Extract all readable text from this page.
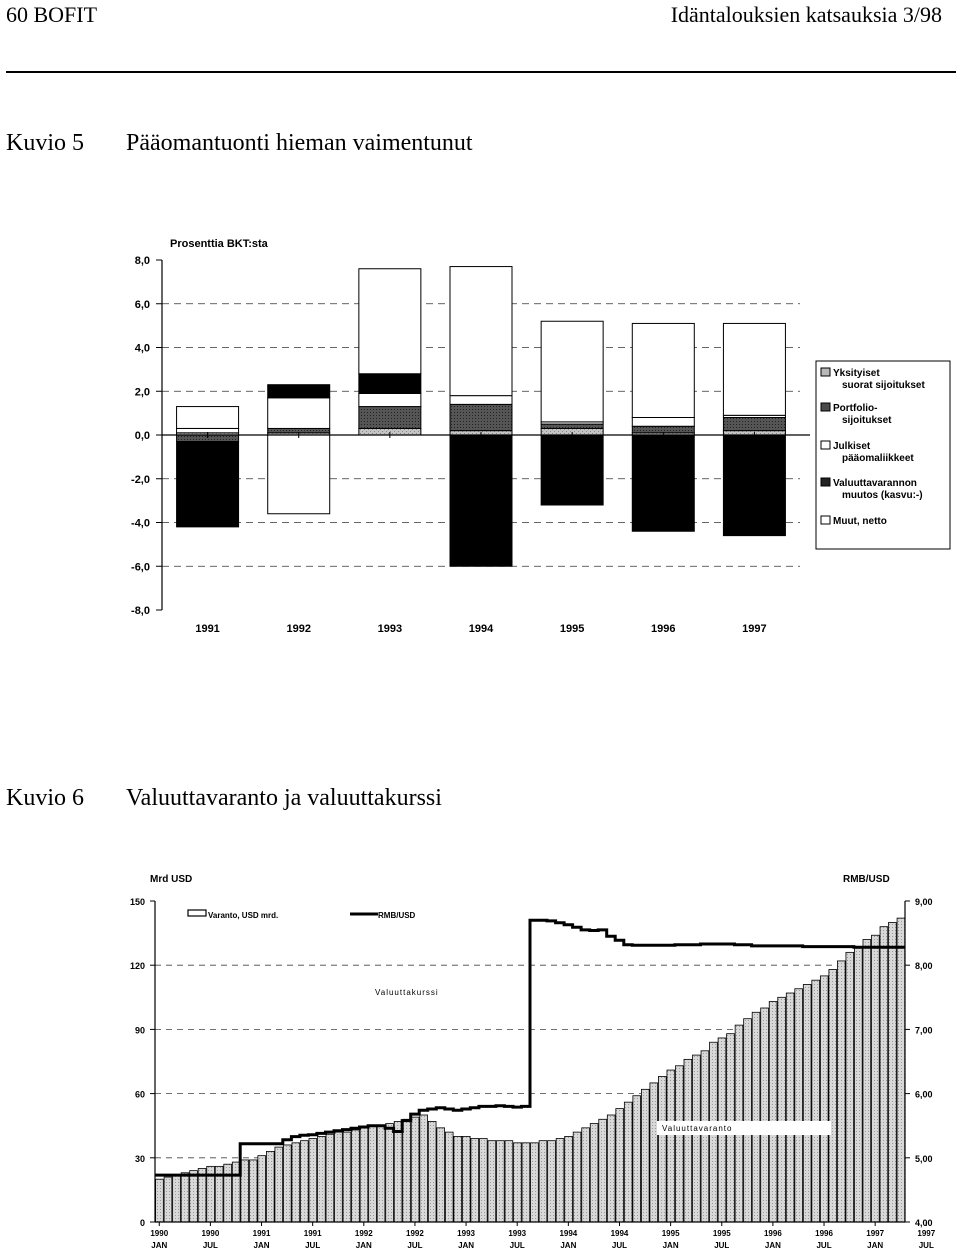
60 BOFIT	Idäntalouksien katsauksia 3/98
Kuvio 5 Pääomantuonti hieman vaimentunut
Prosenttia BKT:sta
8,0
6,0
4,0
2,0
0,0
-2,0
-4,0
-6,0
-8,0
1991	1992	1993	1994	1995	1996	1997
Yksityiset
suorat sijoitukset
Portfolio-
sijoitukset
Julkiset
pääomaliikkeet
Valuuttavarannon
muutos (kasvu:-)
Muut, netto
Kuvio 6 Valuuttavaranto ja valuuttakurssi
Mrd USD	RMB/USD
0
30
60
90
120
150
4,00
5,00
6,00
7,00
8,00
9,00
1990
JAN
1990
JUL
1991
JAN
1991
JUL
1992
JAN
1992
JUL
1993
JAN
1993
JUL
1994
JAN
1994
JUL
1995
JAN
1995
JUL
1996
JAN
1996
JUL
1997
JAN
1997
JUL
Varanto, USD mrd.	RMB/USD
Valuuttakurssi
Valuuttavaranto
